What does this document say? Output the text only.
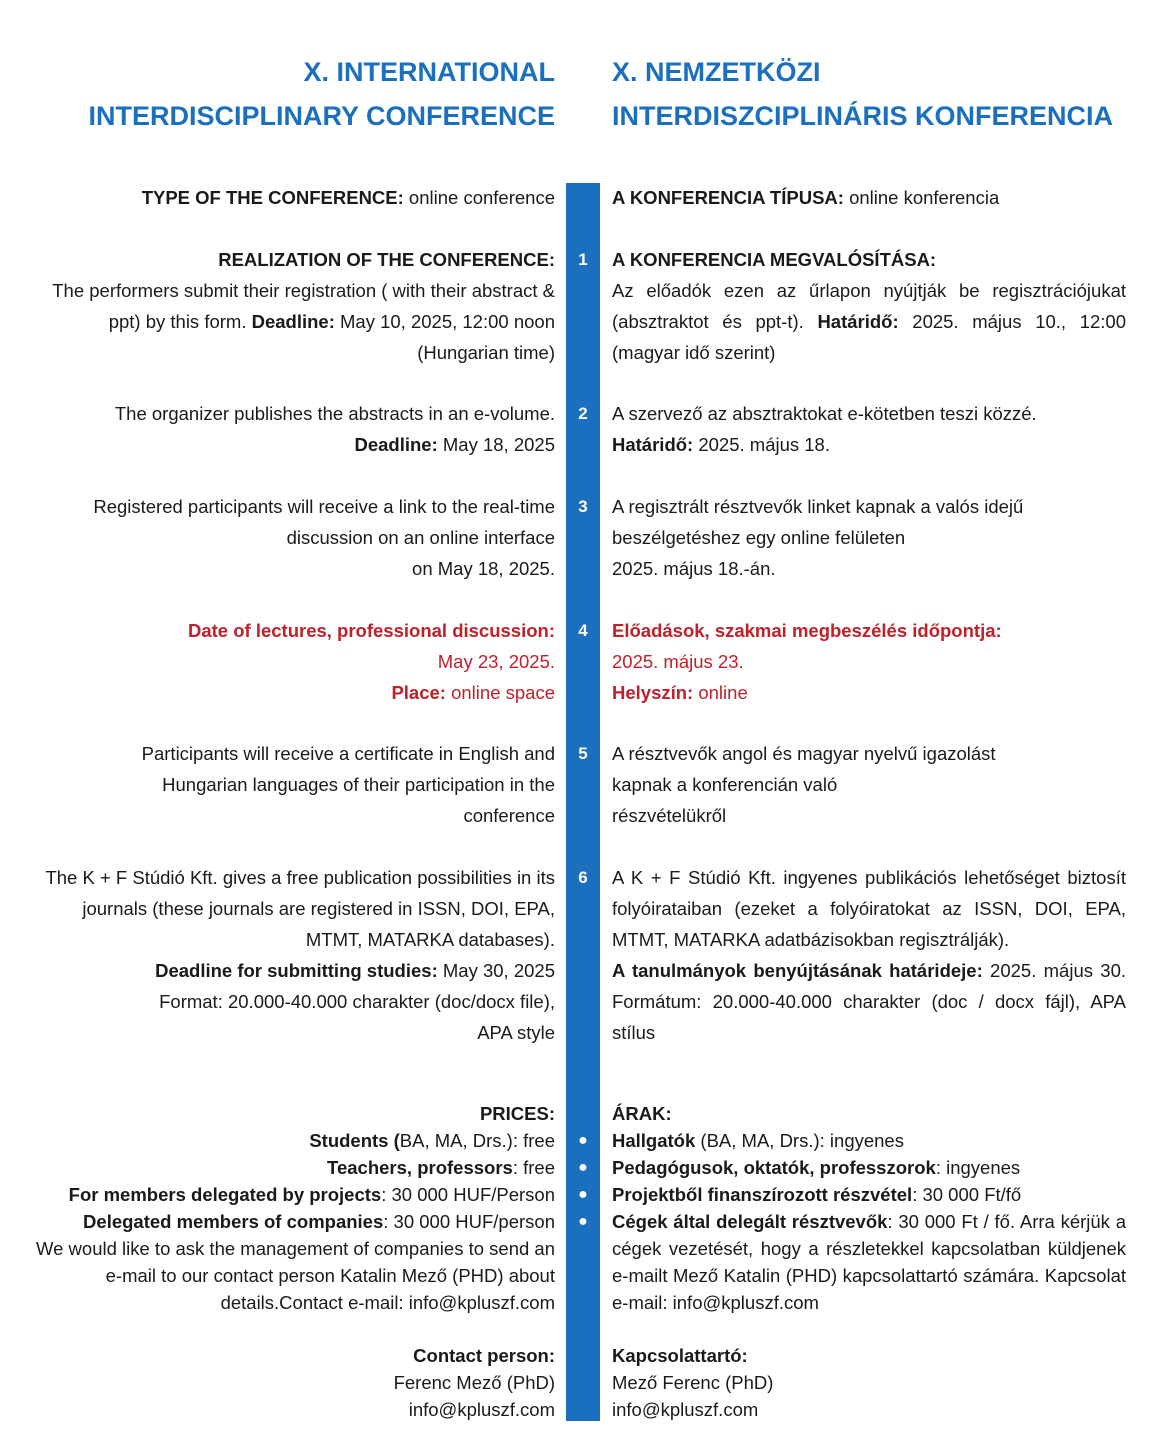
X. INTERNATIONAL
INTERDISCIPLINARY CONFERENCE
X. NEMZETKÖZI
INTERDISZCIPLINÁRIS KONFERENCIA
1
2
3
4
5
6
●
●
●
●
TYPE OF THE CONFERENCE: online conference	A KONFERENCIA TÍPUSA: online konferencia
REALIZATION OF THE CONFERENCE:
The performers submit their registration ( with their abstract & ppt) by this form. Deadline: May 10, 2025, 12:00 noon (Hungarian time)
A KONFERENCIA MEGVALÓSÍTÁSA:
Az előadók ezen az űrlapon nyújtják be regisztrációjukat (absztraktot és ppt-t). Határidő: 2025. május 10., 12:00 (magyar idő szerint)
The organizer publishes the abstracts in an e-volume.
Deadline: May 18, 2025
A szervező az absztraktokat e-kötetben teszi közzé.
Határidő: 2025. május 18.
Registered participants will receive a link to the real-time
discussion on an online interface
on May 18, 2025.
A regisztrált résztvevők linket kapnak a valós idejű
beszélgetéshez egy online felületen
2025. május 18.-án.
Date of lectures, professional discussion:
May 23, 2025.
Place: online space
Előadások, szakmai megbeszélés időpontja:
2025. május 23.
Helyszín: online
Participants will receive a certificate in English and
Hungarian languages of their participation in the
conference
A résztvevők angol és magyar nyelvű igazolást
kapnak a konferencián való
részvételükről
The K + F Stúdió Kft. gives a free publication possibilities in its journals (these journals are registered in ISSN, DOI, EPA, MTMT, MATARKA databases).
Deadline for submitting studies: May 30, 2025
Format: 20.000-40.000 charakter (doc/docx file),
APA style
A K + F Stúdió Kft. ingyenes publikációs lehetőséget biztosít folyóirataiban (ezeket a folyóiratokat az ISSN, DOI, EPA, MTMT, MATARKA adatbázisokban regisztrálják).
A tanulmányok benyújtásának határideje: 2025. május 30. Formátum: 20.000-40.000 charakter (doc / docx fájl), APA stílus
PRICES:
Students (BA, MA, Drs.): free
Teachers, professors: free
For members delegated by projects: 30 000 HUF/Person
Delegated members of companies: 30 000 HUF/person
We would like to ask the management of companies to send an e-mail to our contact person Katalin Mező (PHD) about details.Contact e-mail: info@kpluszf.com
ÁRAK:
Hallgatók (BA, MA, Drs.): ingyenes
Pedagógusok, oktatók, professzorok: ingyenes
Projektből finanszírozott részvétel: 30 000 Ft/fő
Cégek által delegált résztvevők: 30 000 Ft / fő. Arra kérjük a cégek vezetését, hogy a részletekkel kapcsolatban küldjenek e-mailt Mező Katalin (PHD) kapcsolattartó számára. Kapcsolat e-mail: info@kpluszf.com
Contact person:
Ferenc Mező (PhD)
info@kpluszf.com
Kapcsolattartó:
Mező Ferenc (PhD)
info@kpluszf.com
